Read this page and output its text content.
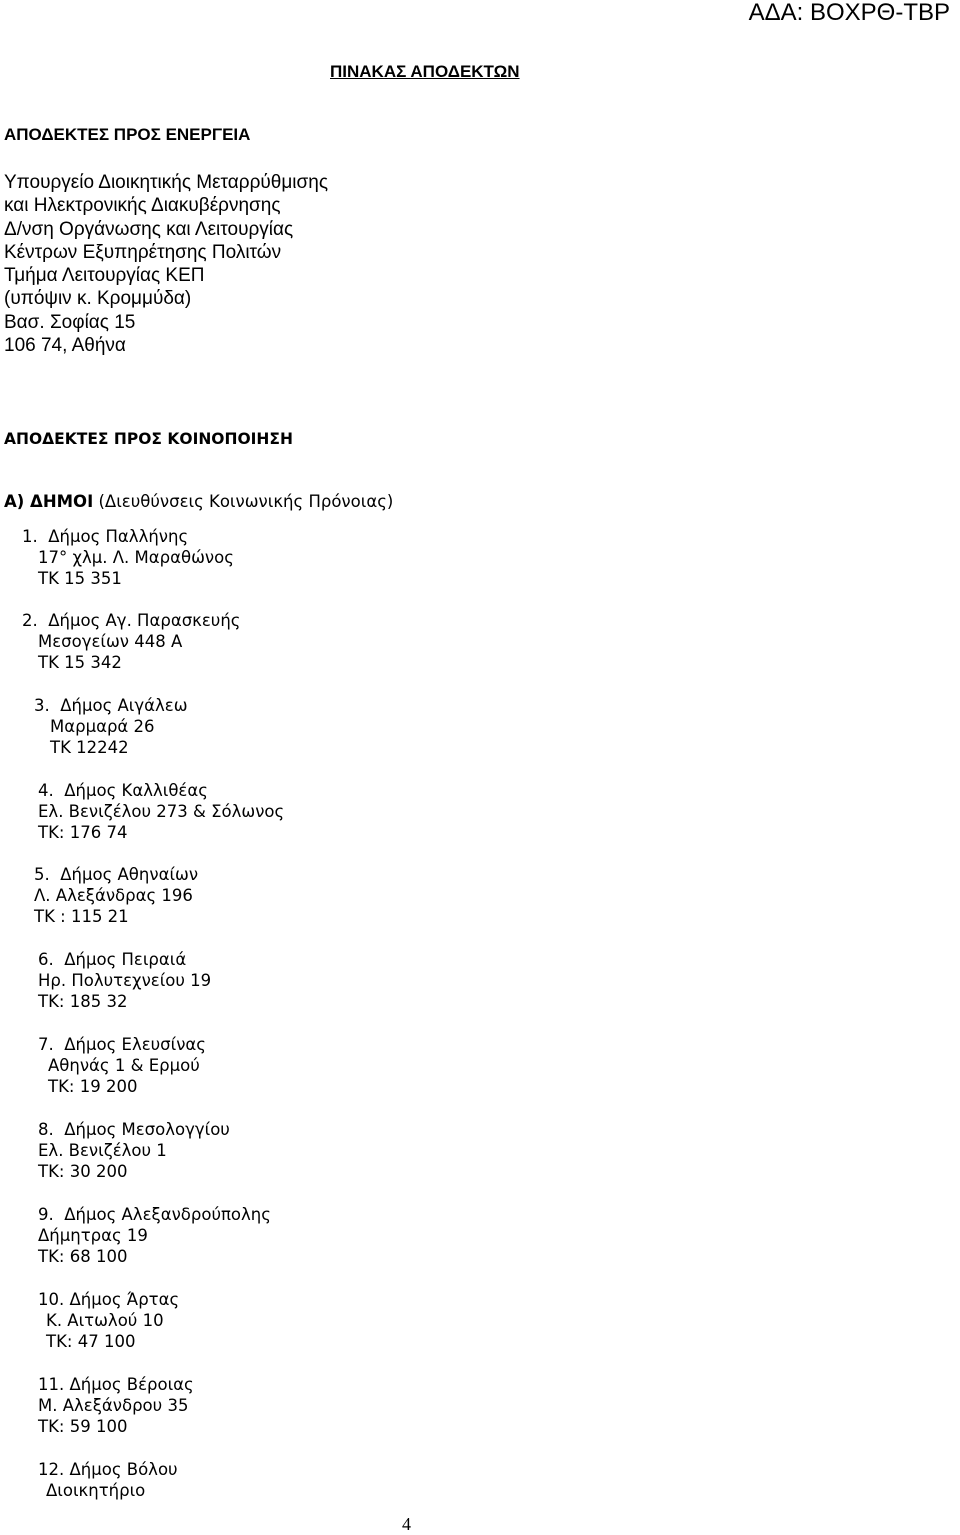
ΑΔΑ: ΒΟΧΡΘ-ΤΒΡ
ΠΙΝΑΚΑΣ ΑΠΟΔΕΚΤΩΝ
ΑΠΟΔΕΚΤΕΣ ΠΡΟΣ ΕΝΕΡΓΕΙΑ
Υπουργείο Διοικητικής Μεταρρύθμισης
και Ηλεκτρονικής Διακυβέρνησης
Δ/νση Οργάνωσης και Λειτουργίας
Κέντρων Εξυπηρέτησης Πολιτών
Τμήμα Λειτουργίας ΚΕΠ
(υπόψιν κ. Κρομμύδα)
Βασ. Σοφίας 15
106 74, Αθήνα
ΑΠΟΔΕΚΤΕΣ ΠΡΟΣ ΚΟΙΝΟΠΟΙΗΣΗ
Α) ΔΗΜΟΙ (Διευθύνσεις Κοινωνικής Πρόνοιας)
1. Δήμος Παλλήνης
17° χλμ. Λ. Μαραθώνος
ΤΚ 15 351
2. Δήμος Αγ. Παρασκευής
Μεσογείων 448 Α
ΤΚ 15 342
3. Δήμος Αιγάλεω
Μαρμαρά 26
ΤΚ 12242
4. Δήμος Καλλιθέας
Ελ. Βενιζέλου 273 & Σόλωνος
ΤΚ: 176 74
5. Δήμος Αθηναίων
Λ. Αλεξάνδρας 196
ΤΚ : 115 21
6. Δήμος Πειραιά
Ηρ. Πολυτεχνείου 19
ΤΚ: 185 32
7. Δήμος Ελευσίνας
Αθηνάς 1 & Ερμού
ΤΚ: 19 200
8. Δήμος Μεσολογγίου
Ελ. Βενιζέλου 1
ΤΚ: 30 200
9. Δήμος Αλεξανδρούπολης
Δήμητρας 19
ΤΚ: 68 100
10. Δήμος Άρτας
Κ. Αιτωλού 10
ΤΚ: 47 100
11. Δήμος Βέροιας
Μ. Αλεξάνδρου 35
ΤΚ: 59 100
12. Δήμος Βόλου
Διοικητήριο
4
